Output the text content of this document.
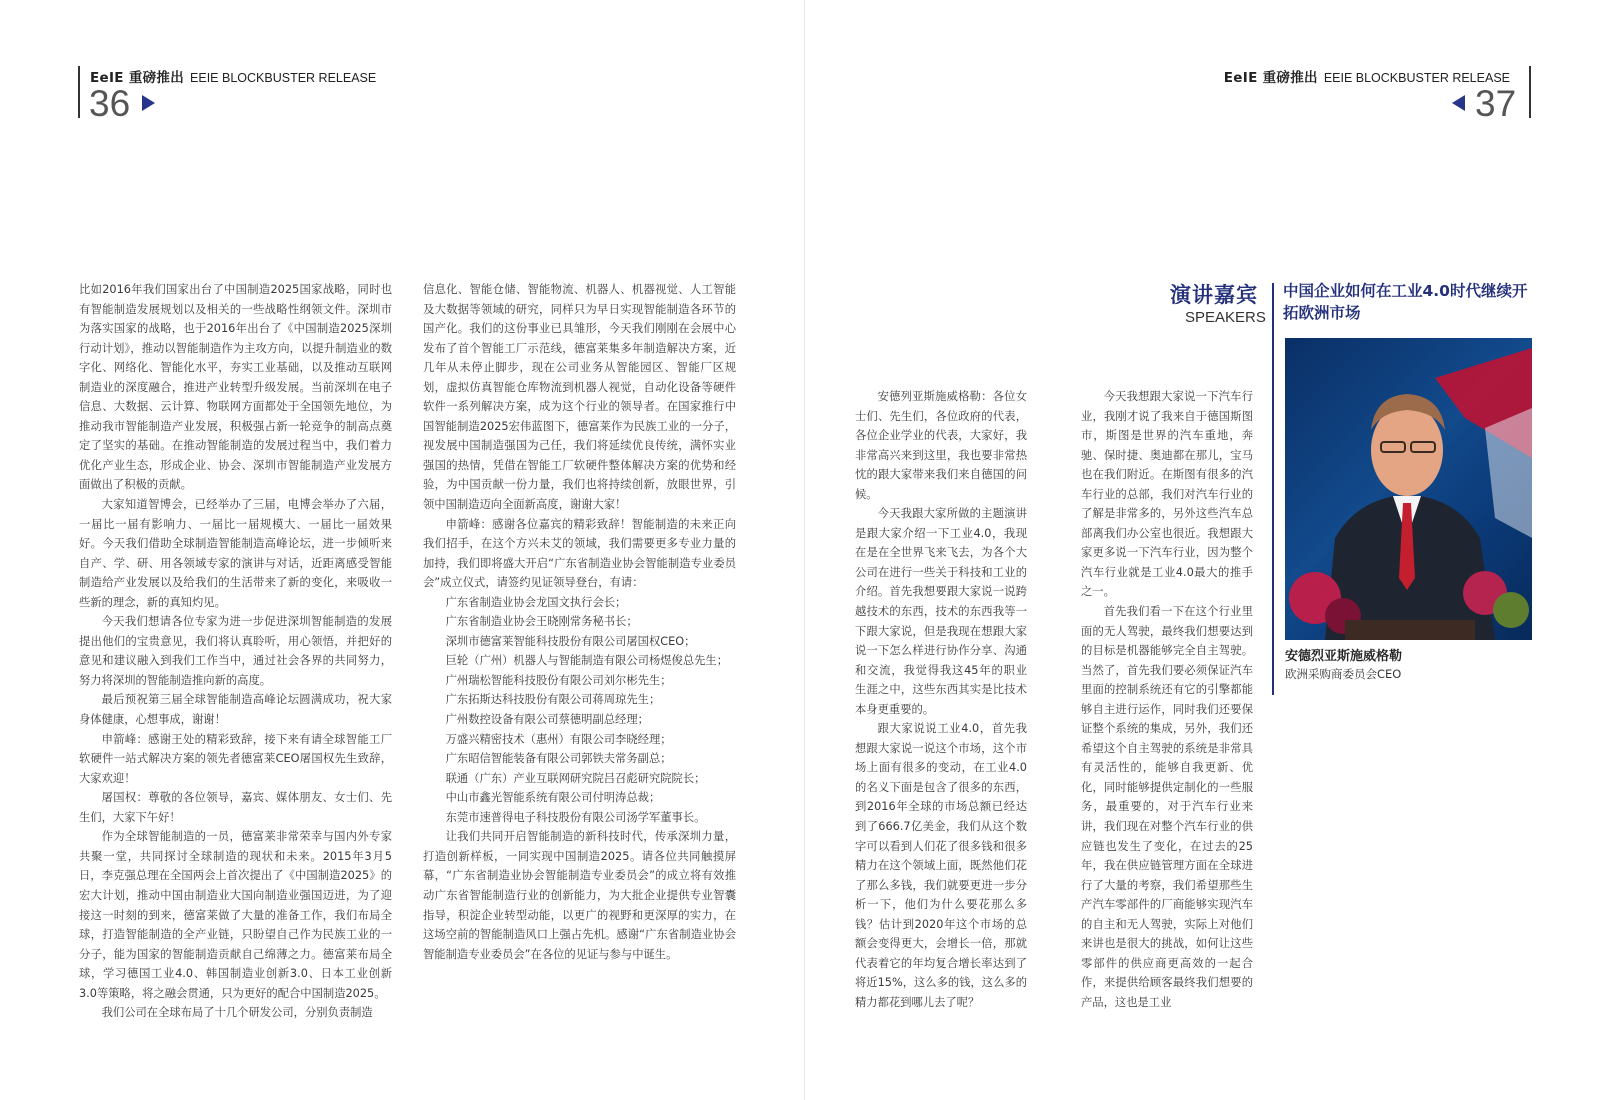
EeIE 重磅推出 EEIE BLOCKBUSTER RELEASE
36

比如2016年我们国家出台了中国制造2025国家战略，同时也有智能制造发展规划以及相关的一些战略性纲领文件。深圳市为落实国家的战略，也于2016年出台了《中国制造2025深圳行动计划》，推动以智能制造作为主攻方向，以提升制造业的数字化、网络化、智能化水平，夯实工业基础，以及推动互联网制造业的深度融合，推进产业转型升级发展。当前深圳在电子信息、大数据、云计算、物联网方面都处于全国领先地位，为推动我市智能制造产业发展，积极强占新一轮竞争的制高点奠定了坚实的基础。在推动智能制造的发展过程当中，我们着力优化产业生态，形成企业、协会、深圳市智能制造产业发展方面做出了积极的贡献。

大家知道智博会，已经举办了三届，电博会举办了六届，一届比一届有影响力、一届比一届规模大、一届比一届效果好。今天我们借助全球制造智能制造高峰论坛，进一步倾听来自产、学、研、用各领域专家的演讲与对话，近距离感受智能制造给产业发展以及给我们的生活带来了新的变化，来吸收一些新的理念，新的真知灼见。

今天我们想请各位专家为进一步促进深圳智能制造的发展提出他们的宝贵意见，我们将认真聆听，用心领悟，并把好的意见和建议融入到我们工作当中，通过社会各界的共同努力，努力将深圳的智能制造推向新的高度。

最后预祝第三届全球智能制造高峰论坛圆满成功，祝大家身体健康，心想事成，谢谢！

申箭峰：感谢王处的精彩致辞，接下来有请全球智能工厂软硬件一站式解决方案的领先者德富莱CEO屠国权先生致辞，大家欢迎！

屠国权：尊敬的各位领导，嘉宾、媒体朋友、女士们、先生们，大家下午好！

作为全球智能制造的一员，德富莱非常荣幸与国内外专家共聚一堂，共同探讨全球制造的现状和未来。2015年3月5日，李克强总理在全国两会上首次提出了《中国制造2025》的宏大计划，推动中国由制造业大国向制造业强国迈进，为了迎接这一时刻的到来，德富莱做了大量的准备工作，我们布局全球，打造智能制造的全产业链，只盼望自己作为民族工业的一分子，能为国家的智能制造贡献自己绵薄之力。德富莱布局全球，学习德国工业4.0、韩国制造业创新3.0、日本工业创新3.0等策略，将之融会贯通，只为更好的配合中国制造2025。

我们公司在全球布局了十几个研发公司，分别负责制造

信息化、智能仓储、智能物流、机器人、机器视觉、人工智能及大数据等领域的研究，同样只为早日实现智能制造各环节的国产化。我们的这份事业已具雏形，今天我们刚刚在会展中心发布了首个智能工厂示范线，德富莱集多年制造解决方案，近几年从未停止脚步，现在公司业务从智能园区、智能厂区规划，虚拟仿真智能仓库物流到机器人视觉，自动化设备等硬件软件一系列解决方案，成为这个行业的领导者。在国家推行中国智能制造2025宏伟蓝图下，德富莱作为民族工业的一分子，视发展中国制造强国为己任，我们将延续优良传统，满怀实业强国的热情，凭借在智能工厂软硬件整体解决方案的优势和经验，为中国贡献一份力量，我们也将持续创新，放眼世界，引领中国制造迈向全面新高度，谢谢大家！

申箭峰：感谢各位嘉宾的精彩致辞！智能制造的未来正向我们招手，在这个方兴未艾的领域，我们需要更多专业力量的加持，我们即将盛大开启“广东省制造业协会智能制造专业委员会”成立仪式，请签约见证领导登台，有请：

广东省制造业协会龙国文执行会长；
广东省制造业协会王晓刚常务秘书长；
深圳市德富莱智能科技股份有限公司屠国权CEO；
巨轮（广州）机器人与智能制造有限公司杨煜俊总先生；
广州瑞松智能科技股份有限公司刘尔彬先生；
广东拓斯达科技股份有限公司蒋周琼先生；
广州数控设备有限公司蔡德明副总经理；
万盛兴精密技术（惠州）有限公司李晓经理；
广东昭信智能装备有限公司郭铁夫常务副总；
联通（广东）产业互联网研究院吕召彪研究院院长；
中山市鑫光智能系统有限公司付明涛总裁；
东莞市速普得电子科技股份有限公司汤学军董事长。

让我们共同开启智能制造的新科技时代，传承深圳力量，打造创新样板，一同实现中国制造2025。请各位共同触摸屏幕，“广东省制造业协会智能制造专业委员会”的成立将有效推动广东省智能制造行业的创新能力，为大批企业提供专业智囊指导，积淀企业转型动能，以更广的视野和更深厚的实力，在这场空前的智能制造风口上强占先机。感谢“广东省制造业协会智能制造专业委员会”在各位的见证与参与中诞生。

EeIE 重磅推出 EEIE BLOCKBUSTER RELEASE
37
演讲嘉宾
SPEAKERS
中国企业如何在工业4.0时代继续开拓欧洲市场
安德烈亚斯施威格勒
欧洲采购商委员会CEO

安德列亚斯施威格勒：各位女士们、先生们，各位政府的代表，各位企业学业的代表，大家好，我非常高兴来到这里，我也要非常热忱的跟大家带来我们来自德国的问候。

今天我跟大家所做的主题演讲是跟大家介绍一下工业4.0，我现在是在全世界飞来飞去，为各个大公司在进行一些关于科技和工业的介绍。首先我想要跟大家说一说跨越技术的东西，技术的东西我等一下跟大家说，但是我现在想跟大家说一下怎么样进行协作分享、沟通和交流，我觉得我这45年的职业生涯之中，这些东西其实是比技术本身更重要的。

跟大家说说工业4.0，首先我想跟大家说一说这个市场，这个市场上面有很多的变动，在工业4.0的名义下面是包含了很多的东西，到2016年全球的市场总额已经达到了666.7亿美金，我们从这个数字可以看到人们花了很多钱和很多精力在这个领域上面，既然他们花了那么多钱，我们就要更进一步分析一下，他们为什么要花那么多钱？估计到2020年这个市场的总额会变得更大，会增长一倍，那就代表着它的年均复合增长率达到了将近15%，这么多的钱，这么多的精力都花到哪儿去了呢？

今天我想跟大家说一下汽车行业，我刚才说了我来自于德国斯图市，斯图是世界的汽车重地，奔驰、保时捷、奥迪都在那儿，宝马也在我们附近。在斯图有很多的汽车行业的总部，我们对汽车行业的了解是非常多的，另外这些汽车总部离我们办公室也很近。我想跟大家更多说一下汽车行业，因为整个汽车行业就是工业4.0最大的推手之一。

首先我们看一下在这个行业里面的无人驾驶，最终我们想要达到的目标是机器能够完全自主驾驶。当然了，首先我们要必须保证汽车里面的控制系统还有它的引擎都能够自主进行运作，同时我们还要保证整个系统的集成，另外，我们还希望这个自主驾驶的系统是非常具有灵活性的，能够自我更新、优化，同时能够提供定制化的一些服务，最重要的，对于汽车行业来讲，我们现在对整个汽车行业的供应链也发生了变化，在过去的25年，我在供应链管理方面在全球进行了大量的考察，我们希望那些生产汽车零部件的厂商能够实现汽车的自主和无人驾驶，实际上对他们来讲也是很大的挑战，如何让这些零部件的供应商更高效的一起合作，来提供给顾客最终我们想要的产品，这也是工业
